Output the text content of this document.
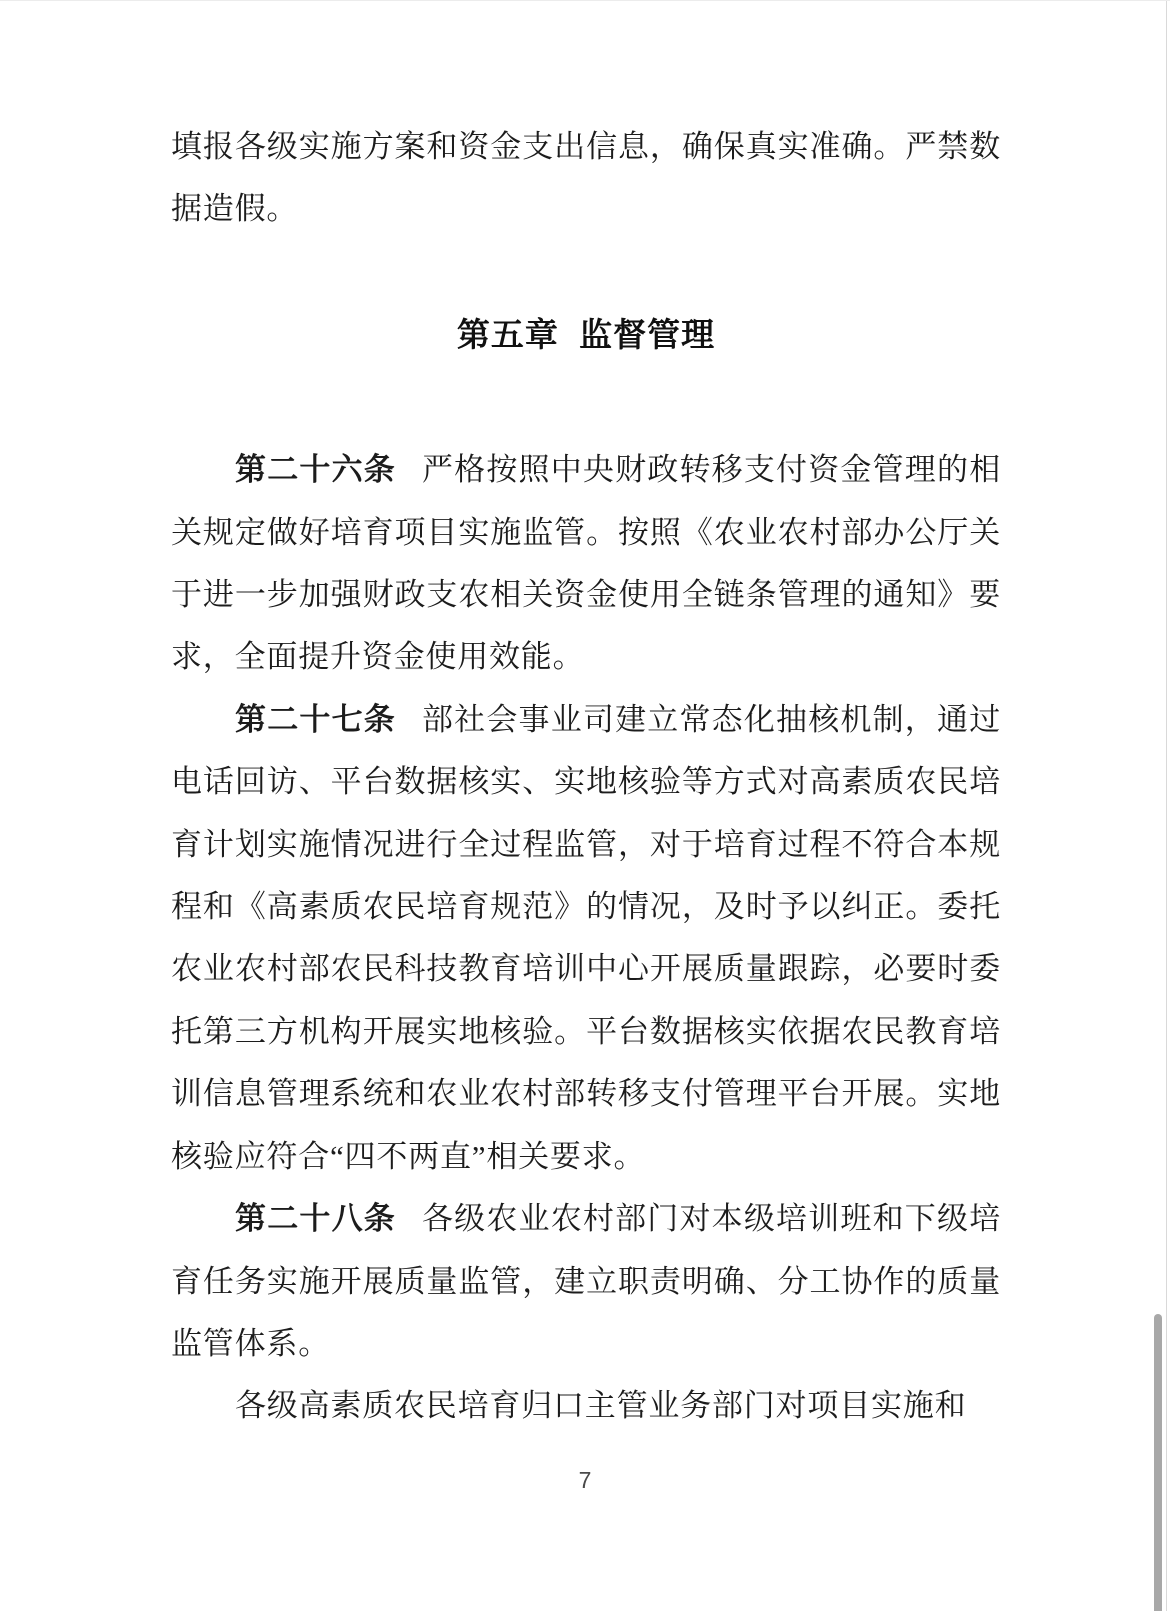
填报各级实施方案和资金支出信息，确保真实准确。严禁数据造假。

第五章  监督管理

第二十六条 严格按照中央财政转移支付资金管理的相关规定做好培育项目实施监管。按照《农业农村部办公厅关于进一步加强财政支农相关资金使用全链条管理的通知》要求，全面提升资金使用效能。

第二十七条 部社会事业司建立常态化抽核机制，通过电话回访、平台数据核实、实地核验等方式对高素质农民培育计划实施情况进行全过程监管，对于培育过程不符合本规程和《高素质农民培育规范》的情况，及时予以纠正。委托农业农村部农民科技教育培训中心开展质量跟踪，必要时委托第三方机构开展实地核验。平台数据核实依据农民教育培训信息管理系统和农业农村部转移支付管理平台开展。实地核验应符合“四不两直”相关要求。

第二十八条 各级农业农村部门对本级培训班和下级培育任务实施开展质量监管，建立职责明确、分工协作的质量监管体系。

各级高素质农民培育归口主管业务部门对项目实施和

7
